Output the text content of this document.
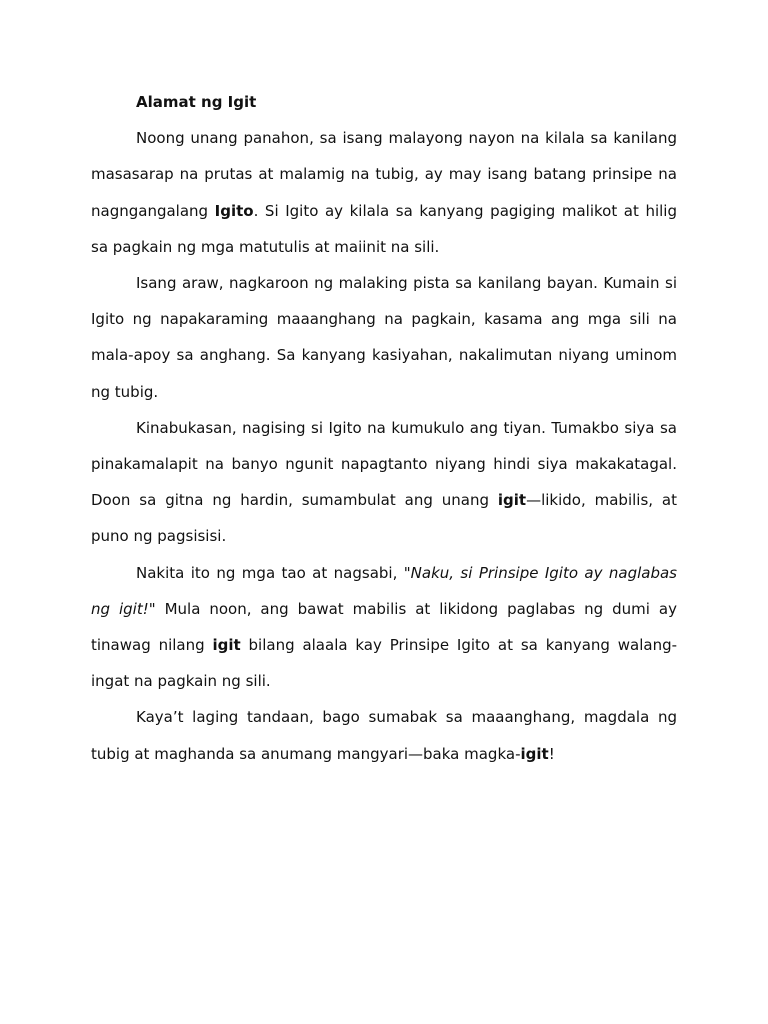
Alamat ng Igit

Noong unang panahon, sa isang malayong nayon na kilala sa kanilang masasarap na prutas at malamig na tubig, ay may isang batang prinsipe na nagngangalang Igito. Si Igito ay kilala sa kanyang pagiging malikot at hilig sa pagkain ng mga matutulis at maiinit na sili.

Isang araw, nagkaroon ng malaking pista sa kanilang bayan. Kumain si Igito ng napakaraming maaanghang na pagkain, kasama ang mga sili na mala-apoy sa anghang. Sa kanyang kasiyahan, nakalimutan niyang uminom ng tubig.

Kinabukasan, nagising si Igito na kumukulo ang tiyan. Tumakbo siya sa pinakamalapit na banyo ngunit napagtanto niyang hindi siya makakatagal. Doon sa gitna ng hardin, sumambulat ang unang igit—likido, mabilis, at puno ng pagsisisi.

Nakita ito ng mga tao at nagsabi, "Naku, si Prinsipe Igito ay naglabas ng igit!" Mula noon, ang bawat mabilis at likidong paglabas ng dumi ay tinawag nilang igit bilang alaala kay Prinsipe Igito at sa kanyang walang-ingat na pagkain ng sili.

Kaya’t laging tandaan, bago sumabak sa maaanghang, magdala ng tubig at maghanda sa anumang mangyari—baka magka-igit!
